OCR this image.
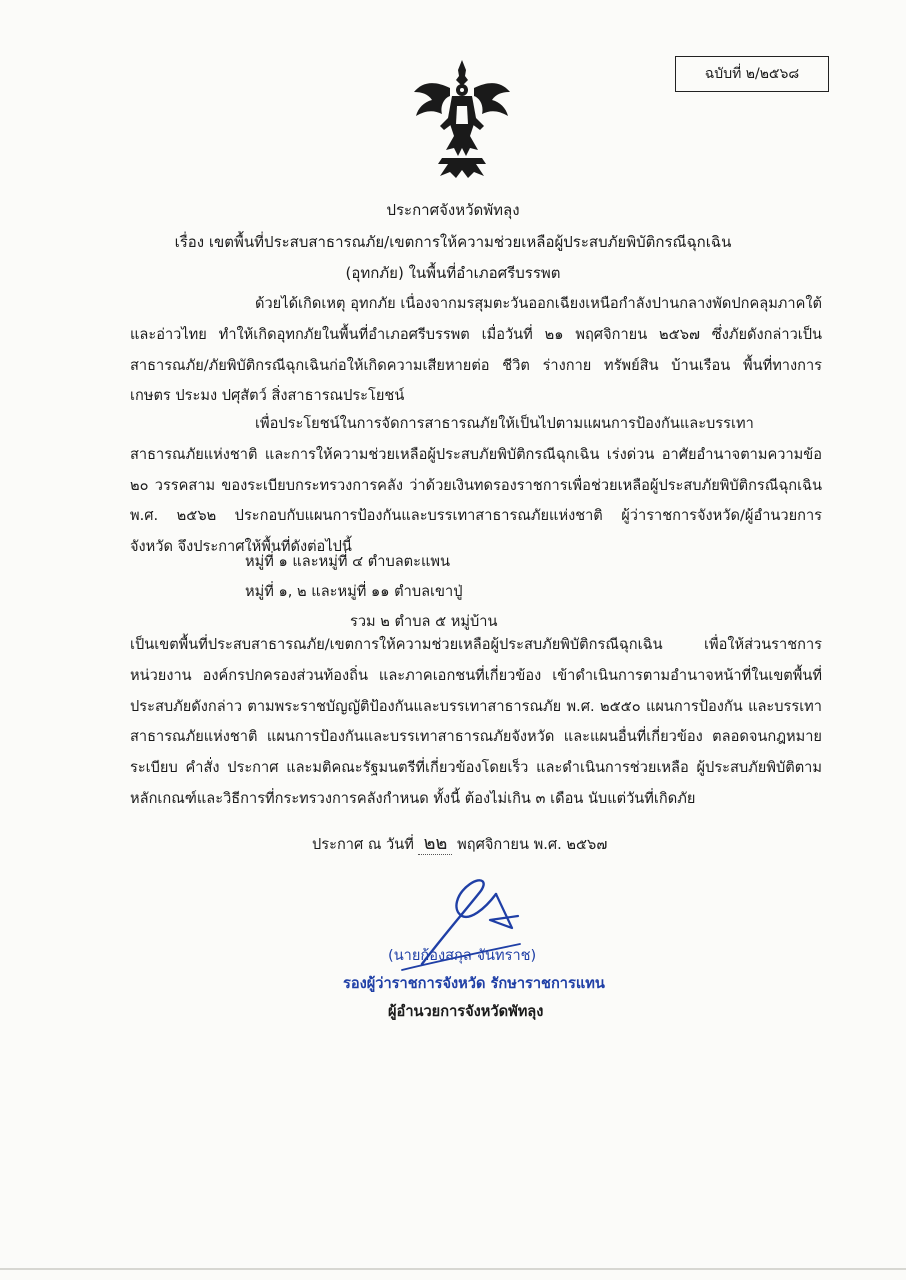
ฉบับที่ ๒/๒๕๖๘
ประกาศจังหวัดพัทลุง
เรื่อง เขตพื้นที่ประสบสาธารณภัย/เขตการให้ความช่วยเหลือผู้ประสบภัยพิบัติกรณีฉุกเฉิน
(อุทกภัย) ในพื้นที่อำเภอศรีบรรพต
ด้วยได้เกิดเหตุ อุทกภัย เนื่องจากมรสุมตะวันออกเฉียงเหนือกำลังปานกลางพัดปกคลุมภาคใต้ และอ่าวไทย ทำให้เกิดอุทกภัยในพื้นที่อำเภอศรีบรรพต เมื่อวันที่ ๒๑ พฤศจิกายน ๒๕๖๗ ซึ่งภัยดังกล่าวเป็นสาธารณภัย/ภัยพิบัติกรณีฉุกเฉินก่อให้เกิดความเสียหายต่อ ชีวิต ร่างกาย ทรัพย์สิน บ้านเรือน พื้นที่ทางการเกษตร ประมง ปศุสัตว์ สิ่งสาธารณประโยชน์
เพื่อประโยชน์ในการจัดการสาธารณภัยให้เป็นไปตามแผนการป้องกันและบรรเทาสาธารณภัยแห่งชาติ และการให้ความช่วยเหลือผู้ประสบภัยพิบัติกรณีฉุกเฉิน เร่งด่วน อาศัยอำนาจตามความข้อ ๒๐ วรรคสาม ของระเบียบกระทรวงการคลัง ว่าด้วยเงินทดรองราชการเพื่อช่วยเหลือผู้ประสบภัยพิบัติกรณีฉุกเฉิน พ.ศ. ๒๕๖๒ ประกอบกับแผนการป้องกันและบรรเทาสาธารณภัยแห่งชาติ ผู้ว่าราชการจังหวัด/ผู้อำนวยการจังหวัด จึงประกาศให้พื้นที่ดังต่อไปนี้
หมู่ที่ ๑ และหมู่ที่ ๔ ตำบลตะแพน
หมู่ที่ ๑, ๒ และหมู่ที่ ๑๑ ตำบลเขาปู่
รวม ๒ ตำบล ๕ หมู่บ้าน
เป็นเขตพื้นที่ประสบสาธารณภัย/เขตการให้ความช่วยเหลือผู้ประสบภัยพิบัติกรณีฉุกเฉิน เพื่อให้ส่วนราชการ หน่วยงาน องค์กรปกครองส่วนท้องถิ่น และภาคเอกชนที่เกี่ยวข้อง เข้าดำเนินการตามอำนาจหน้าที่ในเขตพื้นที่ ประสบภัยดังกล่าว ตามพระราชบัญญัติป้องกันและบรรเทาสาธารณภัย พ.ศ. ๒๕๕๐ แผนการป้องกัน และบรรเทาสาธารณภัยแห่งชาติ แผนการป้องกันและบรรเทาสาธารณภัยจังหวัด และแผนอื่นที่เกี่ยวข้อง ตลอดจนกฎหมาย ระเบียบ คำสั่ง ประกาศ และมติคณะรัฐมนตรีที่เกี่ยวข้องโดยเร็ว และดำเนินการช่วยเหลือ ผู้ประสบภัยพิบัติตามหลักเกณฑ์และวิธีการที่กระทรวงการคลังกำหนด ทั้งนี้ ต้องไม่เกิน ๓ เดือน นับแต่วันที่เกิดภัย
ประกาศ ณ วันที่ ๒๒ พฤศจิกายน พ.ศ. ๒๕๖๗
(นายก้องสกุล จันทราช)
รองผู้ว่าราชการจังหวัด รักษาราชการแทน
ผู้อำนวยการจังหวัดพัทลุง
